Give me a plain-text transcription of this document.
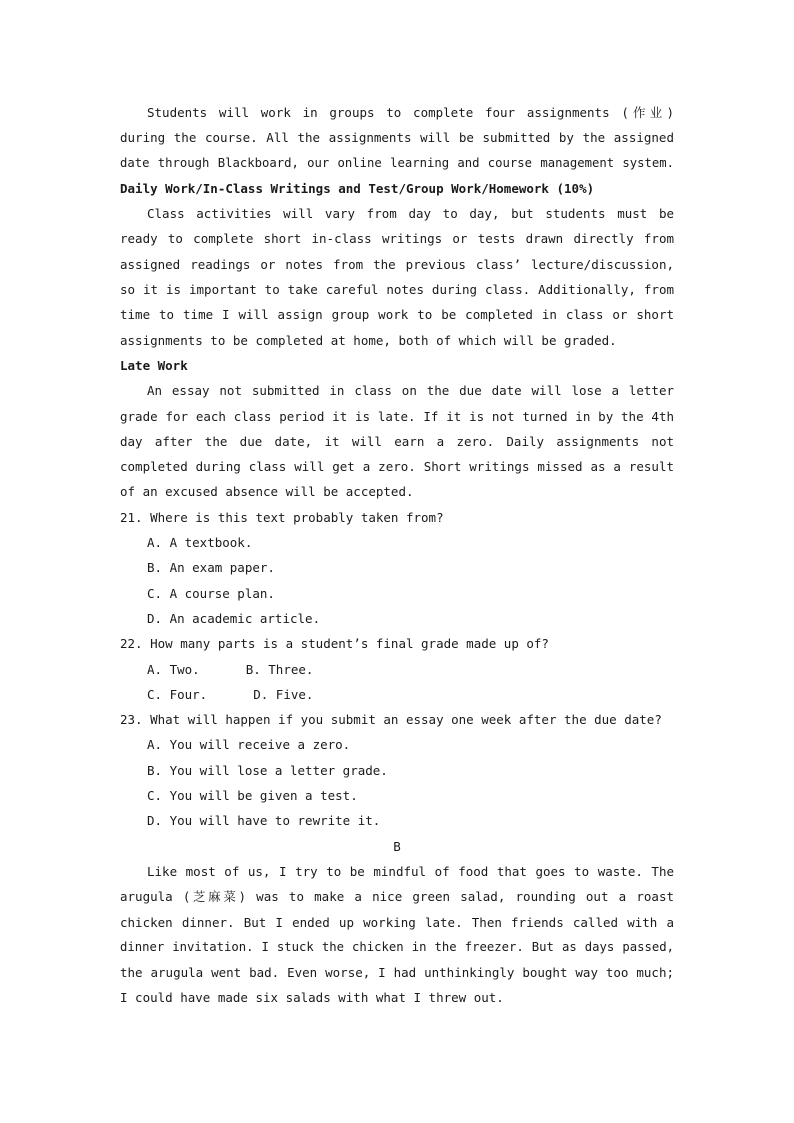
Students will work in groups to complete four assignments (作业)
during the course. All the assignments will be submitted by the assigned
date through Blackboard, our online learning and course management system.
Daily Work/In-Class Writings and Test/Group Work/Homework (10%)
Class activities will vary from day to day, but students must be
ready to complete short in-class writings or tests drawn directly from
assigned readings or notes from the previous class’ lecture/discussion,
so it is important to take careful notes during class. Additionally, from
time to time I will assign group work to be completed in class or short
assignments to be completed at home, both of which will be graded.
Late Work
An essay not submitted in class on the due date will lose a letter
grade for each class period it is late. If it is not turned in by the 4th
day after the due date, it will earn a zero. Daily assignments not
completed during class will get a zero. Short writings missed as a result
of an excused absence will be accepted.
21. Where is this text probably taken from?
A. A textbook.
B. An exam paper.
C. A course plan.
D. An academic article.
22. How many parts is a student’s final grade made up of?
A. Two.	B. Three.
C. Four.	D. Five.
23. What will happen if you submit an essay one week after the due date?
A. You will receive a zero.
B. You will lose a letter grade.
C. You will be given a test.
D. You will have to rewrite it.
B
Like most of us, I try to be mindful of food that goes to waste. The
arugula (芝麻菜) was to make a nice green salad, rounding out a roast
chicken dinner. But I ended up working late. Then friends called with a
dinner invitation. I stuck the chicken in the freezer. But as days passed,
the arugula went bad. Even worse, I had unthinkingly bought way too much;
I could have made six salads with what I threw out.
